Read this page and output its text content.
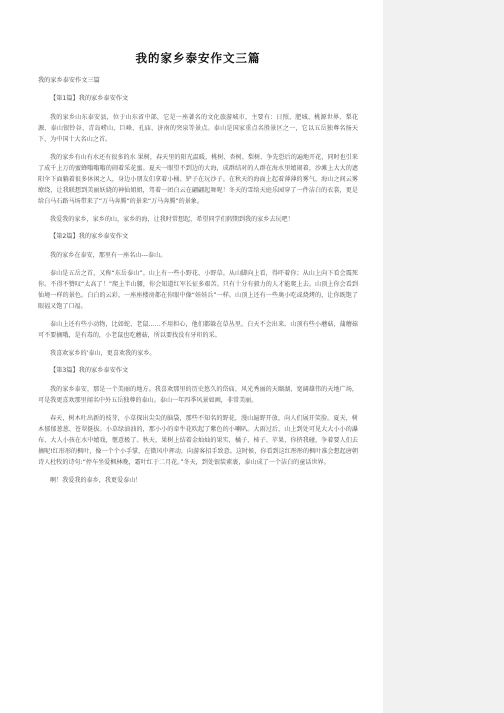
我的家乡泰安作文三篇
我的家乡泰安作文三篇
【第1篇】我的家乡泰安作文
我的家乡山东泰安县，位于山东省中部，它是一座著名的文化旅游城市，主要有：日照、肥城、桃源世界、梨花源、泰山银铃谷、青岛崂山、巨峰、孔庙、济南的突泉等景点。泰山是国家重点名胜景区之一，它以五岳独尊名扬天下，为中国十大名山之首。
我的家乡有山有水还有很多的水 果树，春天里的阳光温暖，桃树、杏树、梨树、争先恐后的遍地开花，同时也引来了成千上万的蜜蜂嗡嗡嗡的闹着采花蜜。夏天一眼望不到边的大海，成群结对的人群在海水里嬉闹着，沙滩上大大的遮阳伞下面躺着很多休闲之人，身边小朋友们拿着小桶、铲子在玩沙子。在秋天的海面上起着薄薄的雾气，海山之间云雾缭绕，让我联想到美丽妖娆的神仙姐姐，驾着一团白云在翩翩起舞呢！冬天的雪给天庭乐园穿了一件洁白的衣裳，更是给白马石路马场带来了“万马奔腾”的景来“万马奔腾”的景象。
我爱我的家乡，家乡的山，家乡的海，让我时常想起，希望同学们假期到我的家乡去玩吧！
【第2篇】我的家乡泰安作文
我的家乡在泰安，那里有一座名山---泰山。
泰山是五岳之首，又称“东岳泰山”。山上有一些小野花、小野草。从山脚向上看，得吓着你；从山上向下看会震死你。不得不赞叹“太高了！”爬上半山腰，你会知道红军长征多艰苦。只有十分有毅力的人才能爬上去。山顶上你会看到仙境一样的景色。白白的云彩，一座座楼房都在你眼中像“娃娃兵”一样。山顶上还有一些奥小吃或烧烤的，让你既饱了眼福又饱了口福。
泰山上还有些小动物，比如蛇、老鼠……不用担心，他们都躲在草丛里，白天不会出来。山顶有些小蘑菇，蒲蘑菇可不要摘哦，是有毒的，小老鼠也吃蘑菇，所以要找没有牙印的采。
我喜欢家乡的’泰山，更喜欢我的家乡。
【第3篇】我的家乡泰安作文
我的家乡泰安，那是一个美丽的地方。我喜欢那里的历史悠久的岱庙，风光秀丽的天颐湖，宽阔雄伟的天地广场，可是我更喜欢那里闻名中外五岳独尊的泰山。泰山一年四季风景如画，非常美丽。
春天，树木吐出新的枝芽，小草探出尖尖的脑袋，那些不知名的野花，漫山遍野开放，向人们展开笑脸。夏天，树木郁郁葱葱、苍翠挺拔。小草绿油油的，那小小的牵牛花吹起了紫色的小喇叭。大雨过后，山上到处可见大大小小的瀑布，大人小孩在水中嬉戏，惬意极了。秋天，果树上结着金灿灿的果实，橘子、柿子、苹果，你挤我碰，争着要人们去摘呢!红形形的枫叶，像一个个小手掌，在微风中挥动，向游客招手致意。这时候，你看到这红彤彤的枫叶准会想起唐朝诗人杜牧的诗句:“停车坐爱枫林晚，霜叶红于二月花。”冬天，到处银装素裹，泰山成了一个洁白的童话世界。
啊！我爱我的泰乡，我更爱泰山！
